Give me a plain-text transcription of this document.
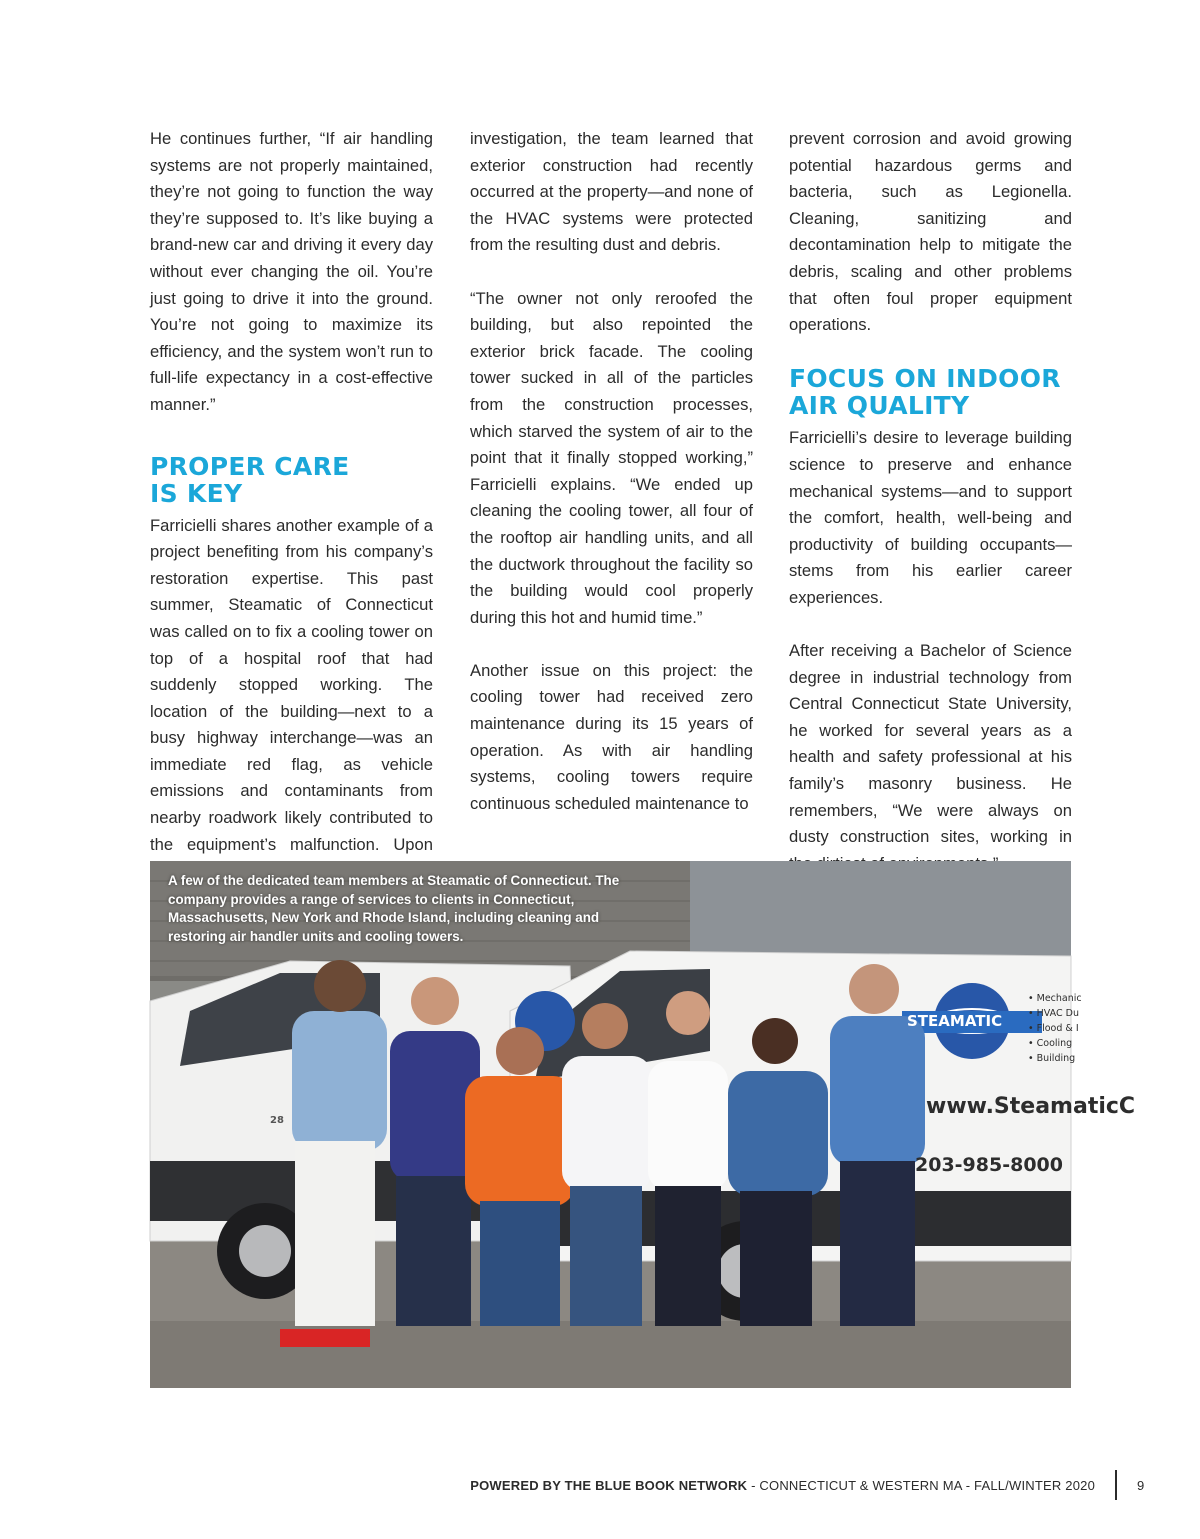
He continues further, “If air handling systems are not properly maintained, they’re not going to function the way they’re supposed to. It’s like buying a brand-new car and driving it every day without ever changing the oil. You’re just going to drive it into the ground. You’re not going to maximize its efficiency, and the system won’t run to full-life expectancy in a cost-effective manner.”

PROPER CARE
IS KEY

Farricielli shares another example of a project benefiting from his company’s restoration expertise. This past summer, Steamatic of Connecticut was called on to fix a cooling tower on top of a hospital roof that had suddenly stopped working. The location of the building—next to a busy highway interchange—was an immediate red flag, as vehicle emissions and contaminants from nearby roadwork likely contributed to the equipment’s malfunction. Upon

investigation, the team learned that exterior construction had recently occurred at the property—and none of the HVAC systems were protected from the resulting dust and debris.

“The owner not only reroofed the building, but also repointed the exterior brick facade. The cooling tower sucked in all of the particles from the construction processes, which starved the system of air to the point that it finally stopped working,” Farricielli explains. “We ended up cleaning the cooling tower, all four of the rooftop air handling units, and all the ductwork throughout the facility so the building would cool properly during this hot and humid time.”

Another issue on this project: the cooling tower had received zero maintenance during its 15 years of operation. As with air handling systems, cooling towers require continuous scheduled maintenance to

prevent corrosion and avoid growing potential hazardous germs and bacteria, such as Legionella. Cleaning, sanitizing and decontamination help to mitigate the debris, scaling and other problems that often foul proper equipment operations.

FOCUS ON INDOOR
AIR QUALITY

Farricielli’s desire to leverage building science to preserve and enhance mechanical systems—and to support the comfort, health, well-being and productivity of building occupants—stems from his earlier career experiences.

After receiving a Bachelor of Science degree in industrial technology from Central Connecticut State University, he worked for several years as a health and safety professional at his family’s masonry business. He remembers, “We were always on dusty construction sites, working in

A few of the dedicated team members at Steamatic of Connecticut. The company provides a range of services to clients in Connecticut, Massachusetts, New York and Rhode Island, including cleaning and restoring air handler units and cooling towers.
STEAMATIC
www.SteamaticC
203-985-8000
28
• Mechanic
• HVAC Du
• Flood & I
• Cooling
• Building
POWERED BY THE BLUE BOOK NETWORK - CONNECTICUT & WESTERN MA - FALL/WINTER 2020	9
